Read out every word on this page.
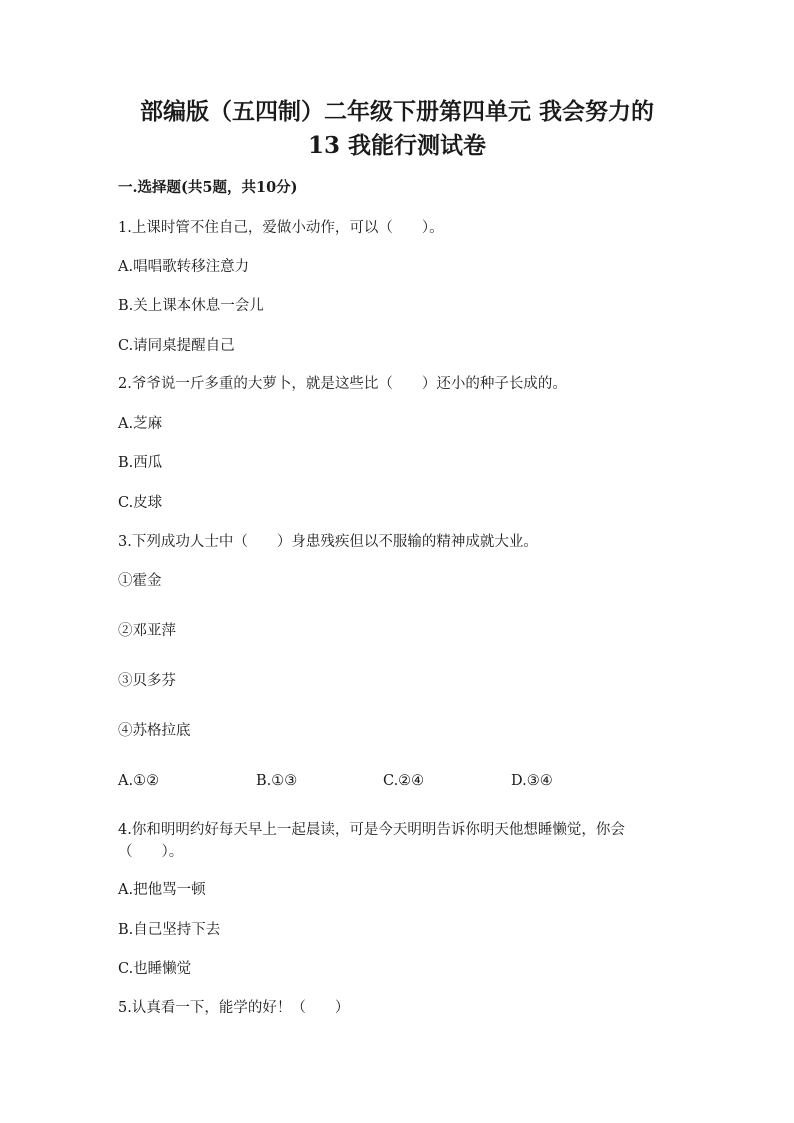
部编版（五四制）二年级下册第四单元 我会努力的
13 我能行测试卷
一.选择题(共5题，共10分)
1.上课时管不住自己，爱做小动作，可以（　　）。
A.唱唱歌转移注意力
B.关上课本休息一会儿
C.请同桌提醒自己
2.爷爷说一斤多重的大萝卜，就是这些比（　　）还小的种子长成的。
A.芝麻
B.西瓜
C.皮球
3.下列成功人士中（　　）身患残疾但以不服输的精神成就大业。
①霍金
②邓亚萍
③贝多芬
④苏格拉底
A.①②	B.①③	C.②④	D.③④
4.你和明明约好每天早上一起晨读，可是今天明明告诉你明天他想睡懒觉，你会（　　）。
A.把他骂一顿
B.自己坚持下去
C.也睡懒觉
5.认真看一下，能学的好！（　　）
